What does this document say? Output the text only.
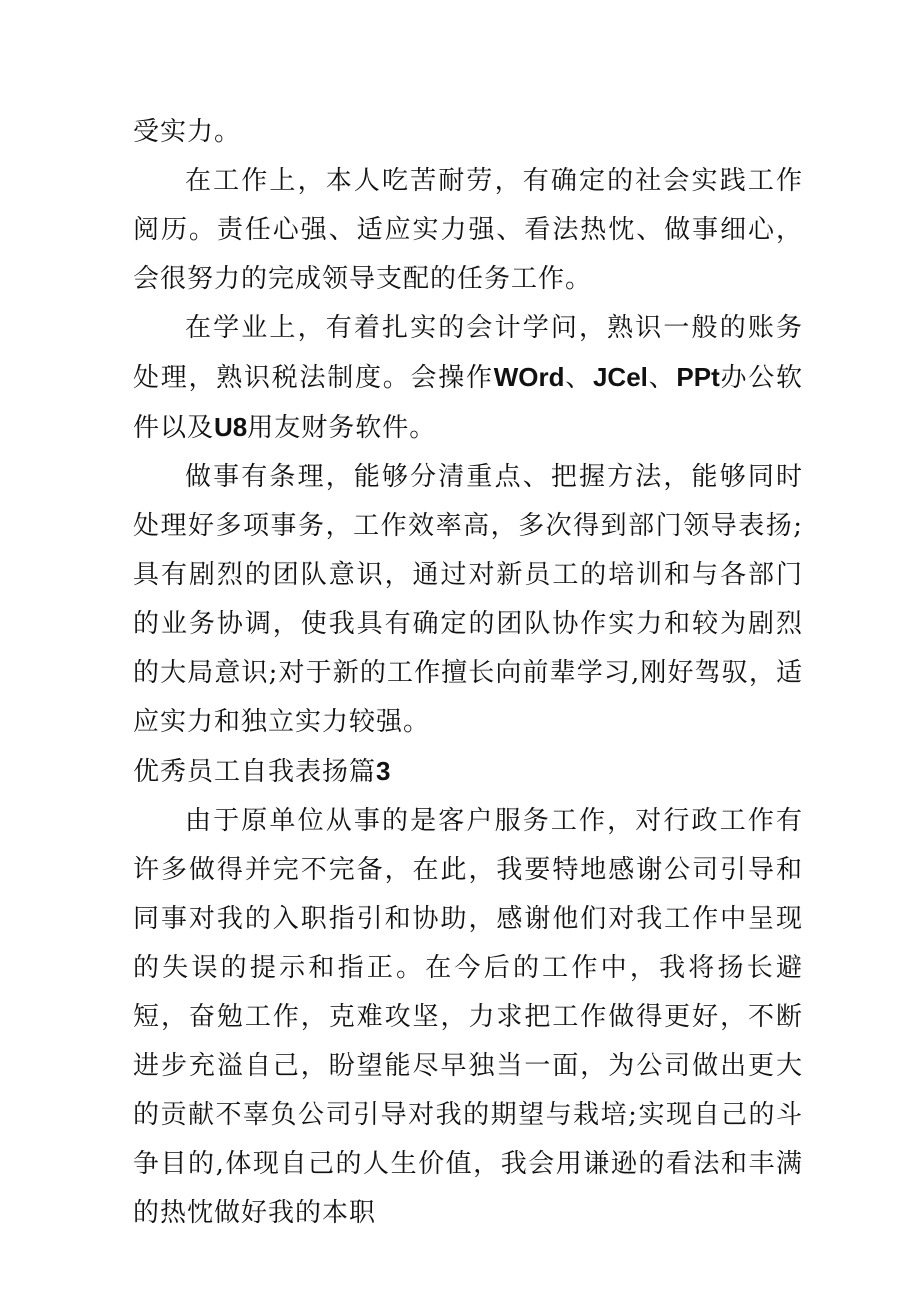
受实力。

在工作上，本人吃苦耐劳，有确定的社会实践工作阅历。责任心强、适应实力强、看法热忱、做事细心，会很努力的完成领导支配的任务工作。

在学业上，有着扎实的会计学问，熟识一般的账务处理，熟识税法制度。会操作WOrd、JCel、PPt办公软件以及U8用友财务软件。

做事有条理，能够分清重点、把握方法，能够同时处理好多项事务，工作效率高，多次得到部门领导表扬;具有剧烈的团队意识，通过对新员工的培训和与各部门的业务协调，使我具有确定的团队协作实力和较为剧烈的大局意识;对于新的工作擅长向前辈学习,刚好驾驭，适应实力和独立实力较强。

优秀员工自我表扬篇3

由于原单位从事的是客户服务工作，对行政工作有许多做得并完不完备，在此，我要特地感谢公司引导和同事对我的入职指引和协助，感谢他们对我工作中呈现的失误的提示和指正。在今后的工作中，我将扬长避短，奋勉工作，克难攻坚，力求把工作做得更好，不断进步充溢自己，盼望能尽早独当一面，为公司做出更大的贡献不辜负公司引导对我的期望与栽培;实现自己的斗争目的,体现自己的人生价值，我会用谦逊的看法和丰满的热忱做好我的本职
